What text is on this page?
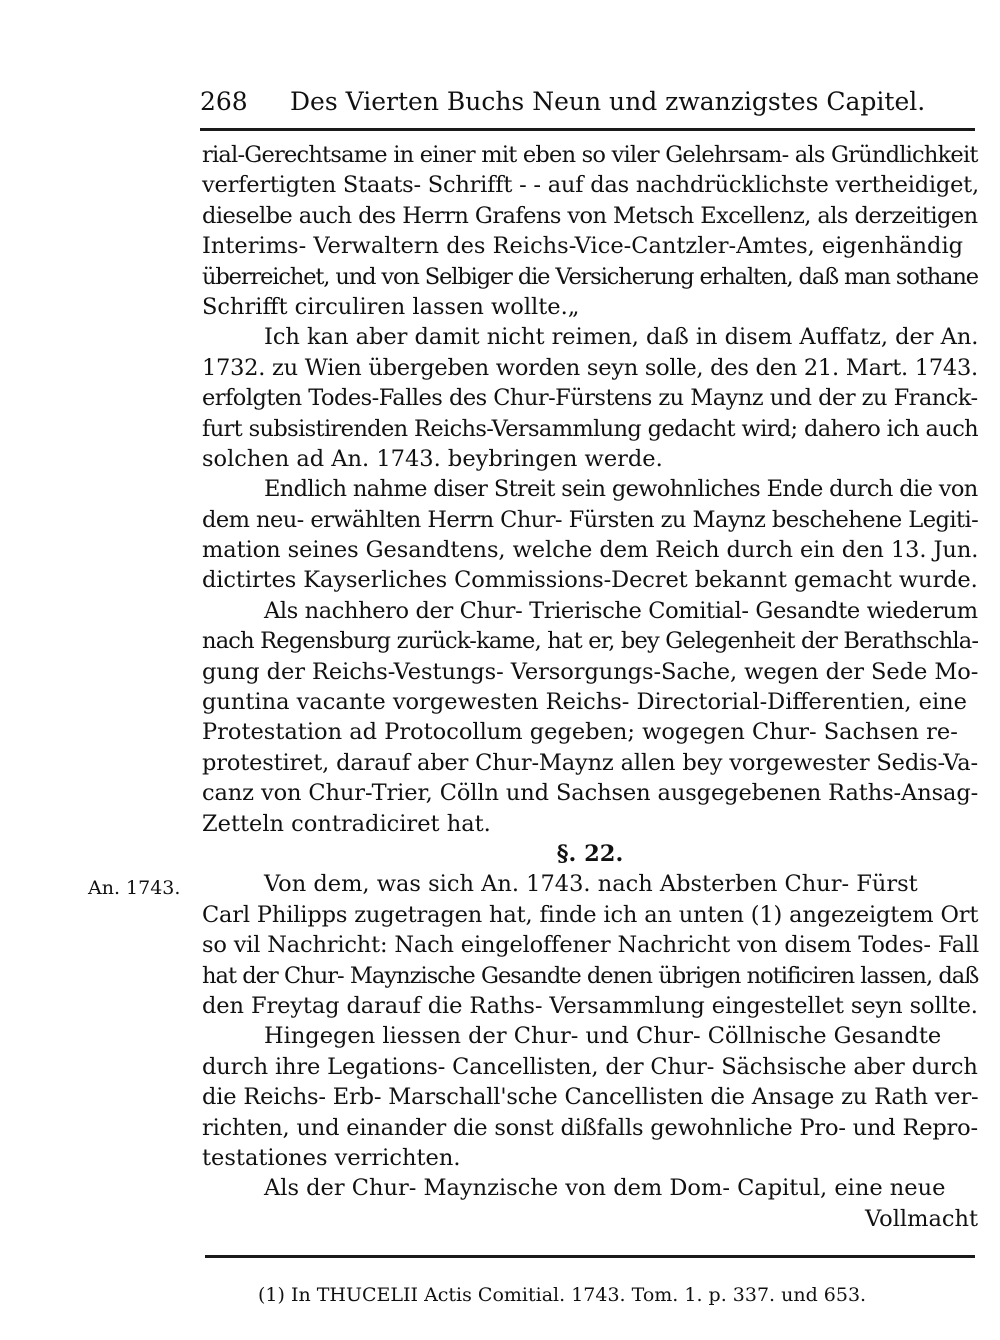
268 Des Vierten Buchs Neun und zwanzigstes Capitel.
rial-Gerechtsame in einer mit eben so viler Gelehrsam- als Gründlichkeit
verfertigten Staats- Schrifft - - auf das nachdrücklichste vertheidiget,
dieselbe auch des Herrn Grafens von Metsch Excellenz, als derzeitigen
Interims- Verwaltern des Reichs-Vice-Cantzler-Amtes, eigenhändig
überreichet, und von Selbiger die Versicherung erhalten, daß man sothane
Schrifft circuliren lassen wollte.„
Ich kan aber damit nicht reimen, daß in disem Auffatz, der An.
1732. zu Wien übergeben worden seyn solle, des den 21. Mart. 1743.
erfolgten Todes-Falles des Chur-Fürstens zu Maynz und der zu Franck-
furt subsistirenden Reichs-Versammlung gedacht wird; dahero ich auch
solchen ad An. 1743. beybringen werde.
Endlich nahme diser Streit sein gewohnliches Ende durch die von
dem neu- erwählten Herrn Chur- Fürsten zu Maynz beschehene Legiti-
mation seines Gesandtens, welche dem Reich durch ein den 13. Jun.
dictirtes Kayserliches Commissions-Decret bekannt gemacht wurde.
Als nachhero der Chur- Trierische Comitial- Gesandte wiederum
nach Regensburg zurück-kame, hat er, bey Gelegenheit der Berathschla-
gung der Reichs-Vestungs- Versorgungs-Sache, wegen der Sede Mo-
guntina vacante vorgewesten Reichs- Directorial-Differentien, eine
Protestation ad Protocollum gegeben; wogegen Chur- Sachsen re-
protestiret, darauf aber Chur-Maynz allen bey vorgewester Sedis-Va-
canz von Chur-Trier, Cölln und Sachsen ausgegebenen Raths-Ansag-
Zetteln contradiciret hat.
§. 22.
Von dem, was sich An. 1743. nach Absterben Chur- Fürst
Carl Philipps zugetragen hat, finde ich an unten (1) angezeigtem Ort
so vil Nachricht: Nach eingeloffener Nachricht von disem Todes- Fall
hat der Chur- Maynzische Gesandte denen übrigen notificiren lassen, daß
den Freytag darauf die Raths- Versammlung eingestellet seyn sollte.
Hingegen liessen der Chur- und Chur- Cöllnische Gesandte
durch ihre Legations- Cancellisten, der Chur- Sächsische aber durch
die Reichs- Erb- Marschall'sche Cancellisten die Ansage zu Rath ver-
richten, und einander die sonst dißfalls gewohnliche Pro- und Repro-
testationes verrichten.
Als der Chur- Maynzische von dem Dom- Capitul, eine neue
Vollmacht
An. 1743.
(1) In THUCELII Actis Comitial. 1743. Tom. 1. p. 337. und 653.
